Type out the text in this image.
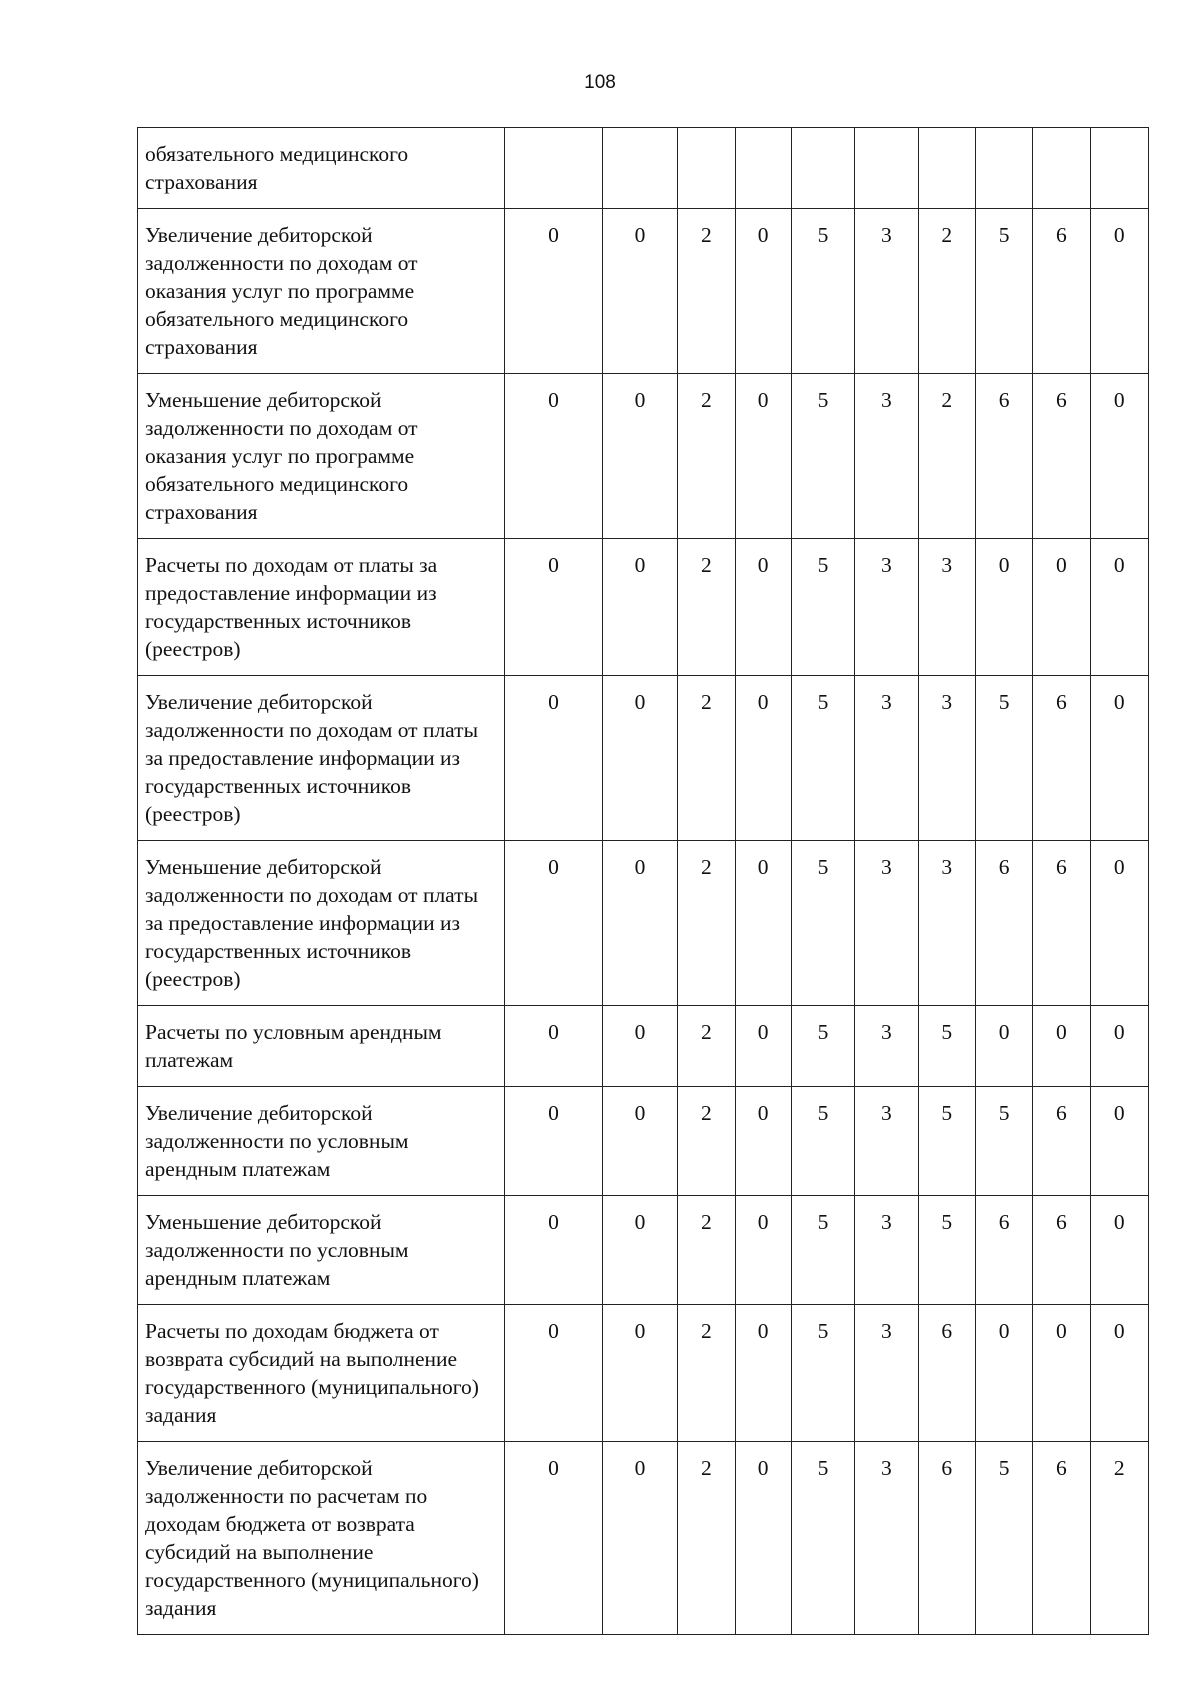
108
обязательного медицинского страхования										
Увеличение дебиторской задолженности по доходам от оказания услуг по программе обязательного медицинского страхования	0	0	2	0	5	3	2	5	6	0
Уменьшение дебиторской задолженности по доходам от оказания услуг по программе обязательного медицинского страхования	0	0	2	0	5	3	2	6	6	0
Расчеты по доходам от платы за предоставление информации из государственных источников (реестров)	0	0	2	0	5	3	3	0	0	0
Увеличение дебиторской задолженности по доходам от платы за предоставление информации из государственных источников (реестров)	0	0	2	0	5	3	3	5	6	0
Уменьшение дебиторской задолженности по доходам от платы за предоставление информации из государственных источников (реестров)	0	0	2	0	5	3	3	6	6	0
Расчеты по условным арендным платежам	0	0	2	0	5	3	5	0	0	0
Увеличение дебиторской задолженности по условным арендным платежам	0	0	2	0	5	3	5	5	6	0
Уменьшение дебиторской задолженности по условным арендным платежам	0	0	2	0	5	3	5	6	6	0
Расчеты по доходам бюджета от возврата субсидий на выполнение государственного (муниципального) задания	0	0	2	0	5	3	6	0	0	0
Увеличение дебиторской задолженности по расчетам по доходам бюджета от возврата субсидий на выполнение государственного (муниципального) задания	0	0	2	0	5	3	6	5	6	2
